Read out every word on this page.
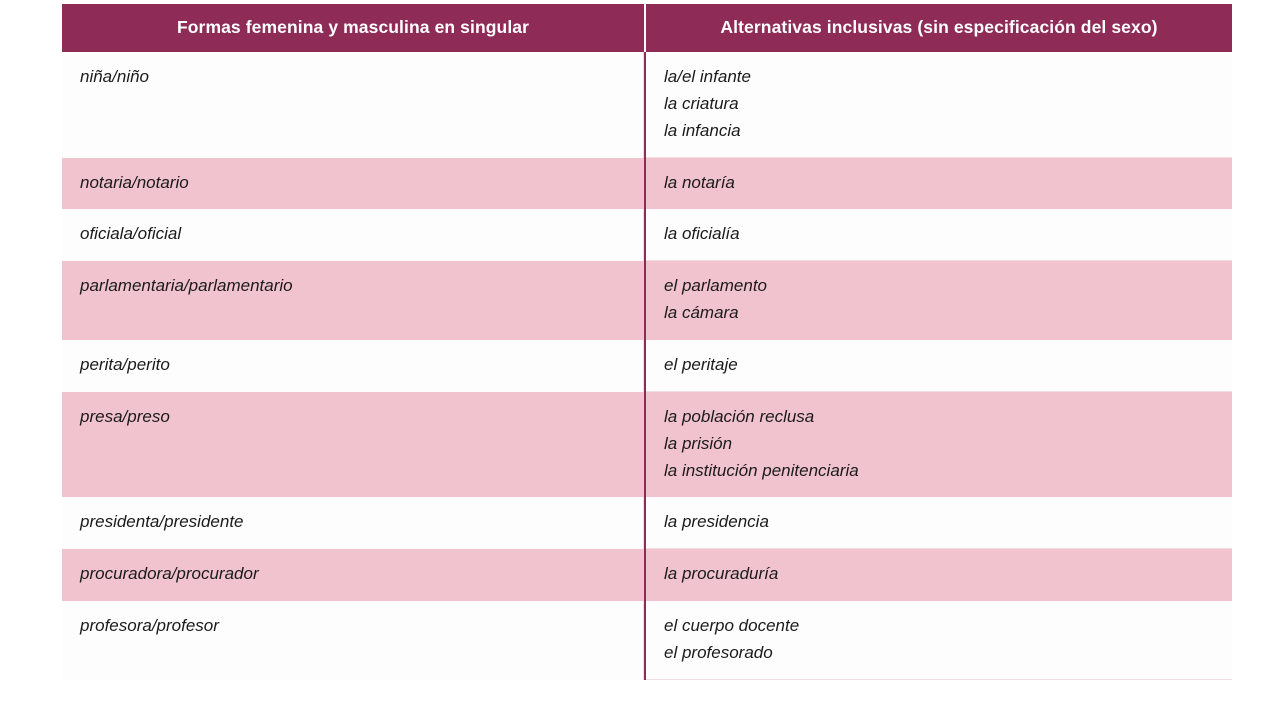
Formas femenina y masculina en singular	Alternativas inclusivas (sin especificación del sexo)

niña/niño	la/el infante
la criatura
la infancia

notaria/notario	la notaría

oficiala/oficial	la oficialía

parlamentaria/parlamentario	el parlamento
la cámara

perita/perito	el peritaje

presa/preso	la población reclusa
la prisión
la institución penitenciaria

presidenta/presidente	la presidencia

procuradora/procurador	la procuraduría

profesora/profesor	el cuerpo docente
el profesorado
